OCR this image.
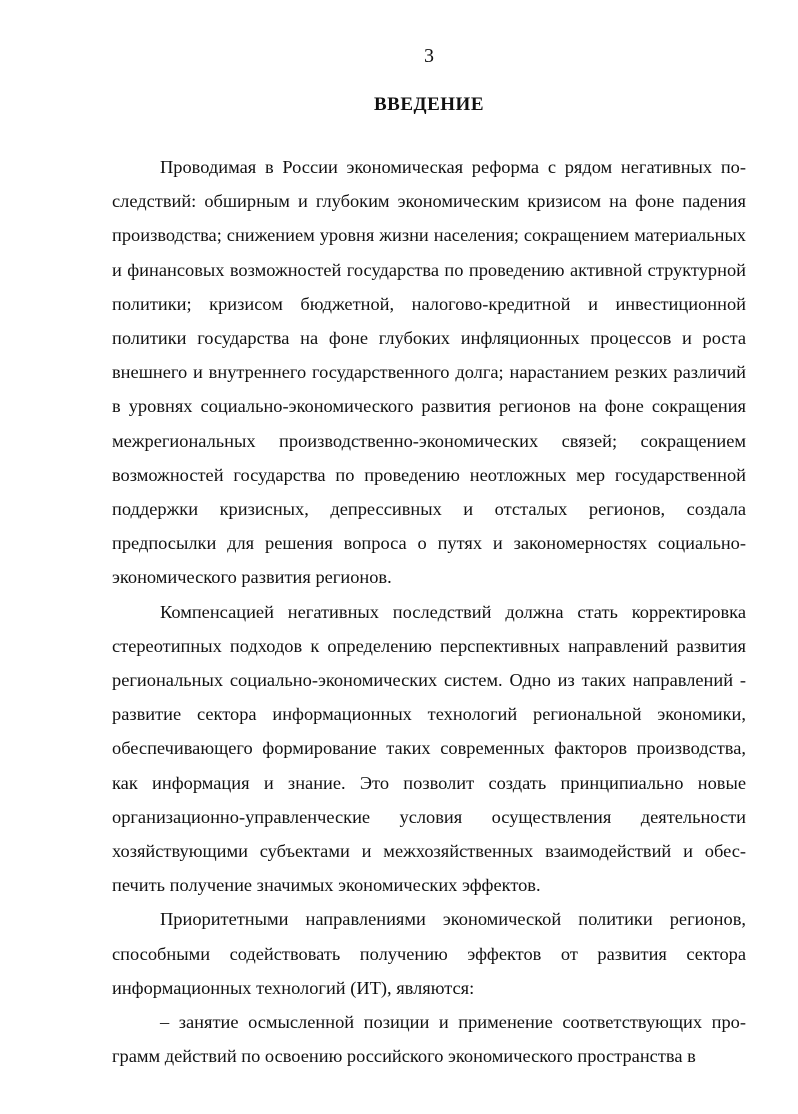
3
ВВЕДЕНИЕ

Проводимая в России экономическая реформа с рядом негативных последствий: обширным и глубоким экономическим кризисом на фоне падения производства; снижением уровня жизни населения; сокращением материальных и финансовых возможностей государства по проведению активной структурной политики; кризисом бюджетной, налогово-кредитной и инвестиционной политики государства на фоне глубоких инфляционных процессов и роста внешнего и внутреннего государственного долга; нарастанием резких различий в уровнях социально-экономического развития регионов на фоне сокращения межрегиональных производственно-экономических связей; сокращением возможностей государства по проведению неотложных мер государственной поддержки кризисных, депрессивных и отсталых регионов, создала предпосылки для решения вопроса о путях и закономерностях социально-экономического развития регионов.

Компенсацией негативных последствий должна стать корректировка стереотипных подходов к определению перспективных направлений развития региональных социально-экономических систем. Одно из таких направлений - развитие сектора информационных технологий региональной экономики, обеспечивающего формирование таких современных факторов производства, как информация и знание. Это позволит создать принципиально новые организационно-управленческие условия осуществления деятельности хозяйствующими субъектами и межхозяйственных взаимодействий и обеспечить получение значимых экономических эффектов.

Приоритетными направлениями экономической политики регионов, способными содействовать получению эффектов от развития сектора информационных технологий (ИТ), являются:

– занятие осмысленной позиции и применение соответствующих программ действий по освоению российского экономического пространства в
